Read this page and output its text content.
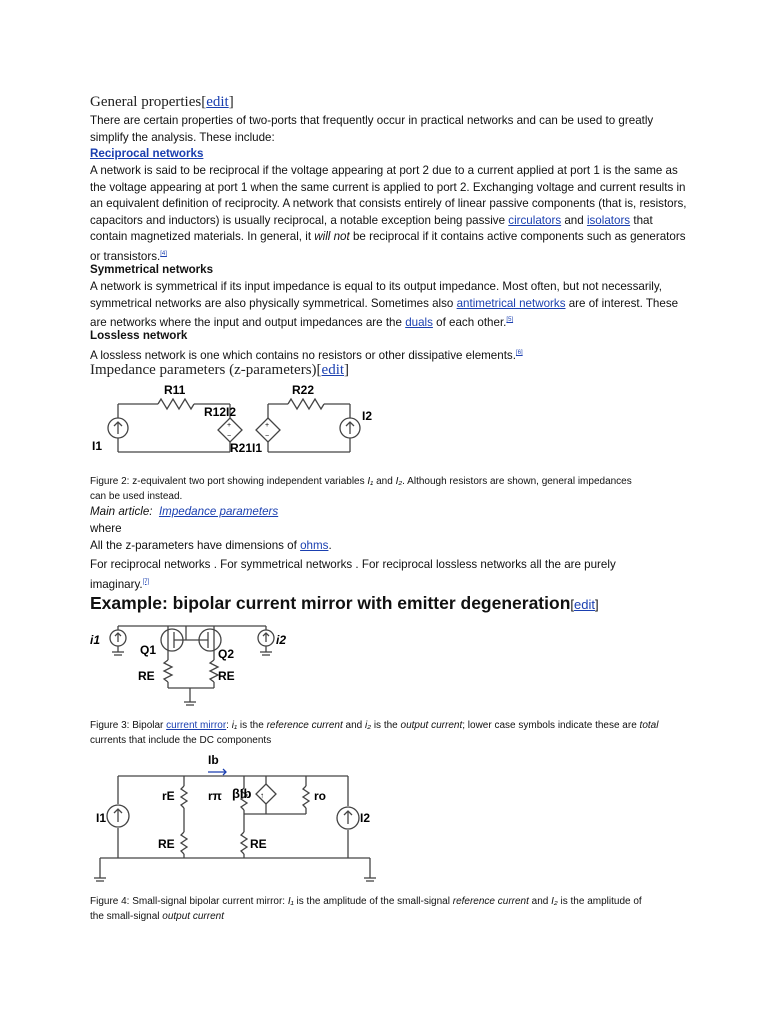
General properties[edit]

There are certain properties of two-ports that frequently occur in practical networks and can be used to greatly simplify the analysis. These include:

Reciprocal networks

A network is said to be reciprocal if the voltage appearing at port 2 due to a current applied at port 1 is the same as the voltage appearing at port 1 when the same current is applied to port 2. Exchanging voltage and current results in an equivalent definition of reciprocity. A network that consists entirely of linear passive components (that is, resistors, capacitors and inductors) is usually reciprocal, a notable exception being passive circulators and isolators that contain magnetized materials. In general, it will not be reciprocal if it contains active components such as generators or transistors.[4]

Symmetrical networks

A network is symmetrical if its input impedance is equal to its output impedance. Most often, but not necessarily, symmetrical networks are also physically symmetrical. Sometimes also antimetrical networks are of interest. These are networks where the input and output impedances are the duals of each other.[5]

Lossless network

A lossless network is one which contains no resistors or other dissipative elements.[6]

Impedance parameters (z-parameters)[edit]
+
−
+
−
R11	R22
R12I2
R21I1
I1
I2
Figure 2: z-equivalent two port showing independent variables I₁ and I₂. Although resistors are shown, general impedances can be used instead.

Main article: Impedance parameters

where

All the z-parameters have dimensions of ohms.

For reciprocal networks . For symmetrical networks . For reciprocal lossless networks all the are purely imaginary.[7]

Example: bipolar current mirror with emitter degeneration[edit]
i1	i2
Q1	Q2
RE	RE
Figure 3: Bipolar current mirror: i₁ is the reference current and i₂ is the output current; lower case symbols indicate these are total currents that include the DC components
↑
Ib
rE	rπ βIb	ro
I1	I2
RE	RE
Figure 4: Small-signal bipolar current mirror: I₁ is the amplitude of the small-signal reference current and I₂ is the amplitude of the small-signal output current
